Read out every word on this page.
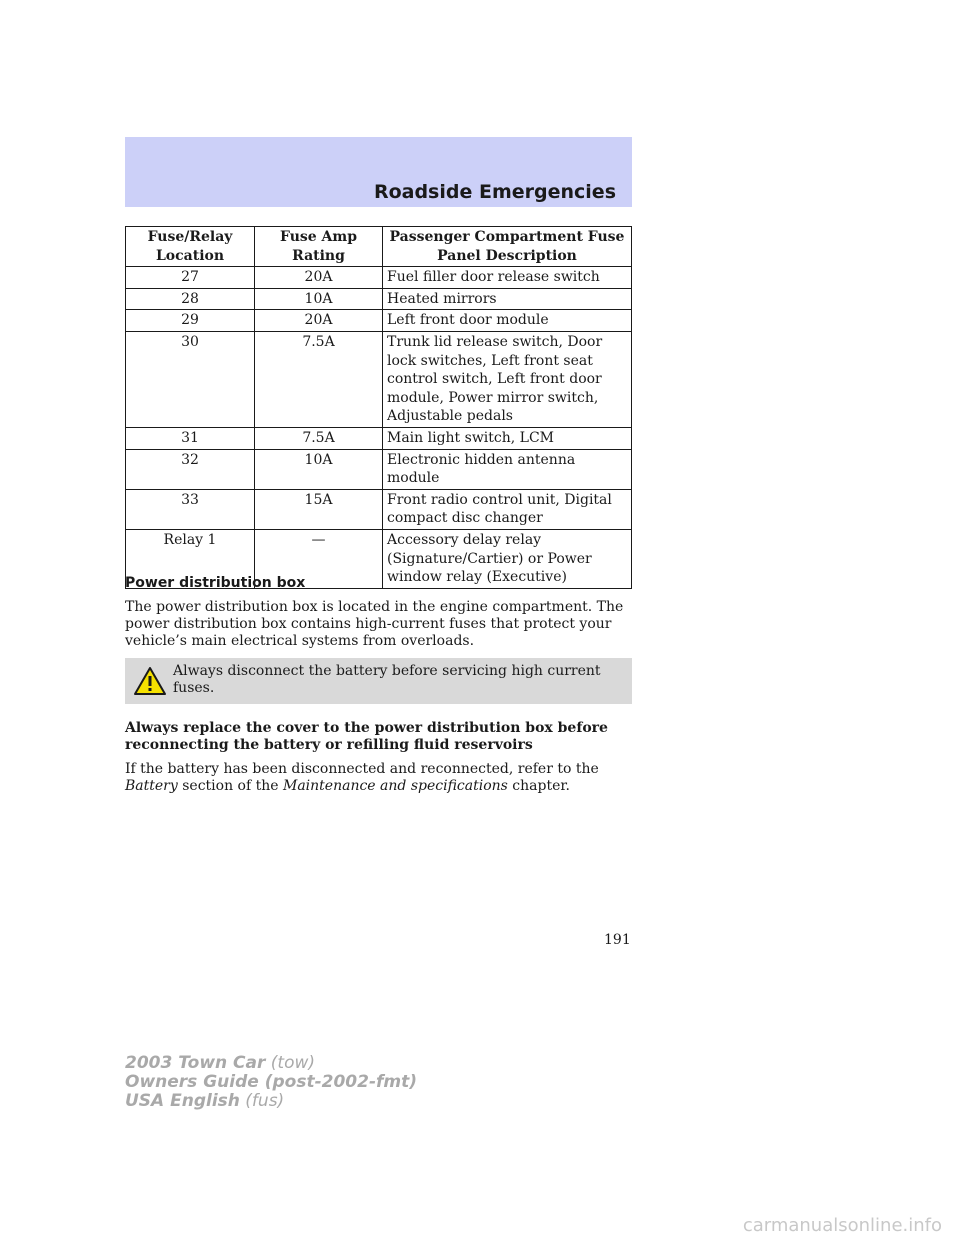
Roadside Emergencies
Fuse/Relay Location	Fuse Amp Rating	Passenger Compartment Fuse Panel Description
27	20A	Fuel filler door release switch
28	10A	Heated mirrors
29	20A	Left front door module
30	7.5A	Trunk lid release switch, Door lock switches, Left front seat control switch, Left front door module, Power mirror switch, Adjustable pedals
31	7.5A	Main light switch, LCM
32	10A	Electronic hidden antenna module
33	15A	Front radio control unit, Digital compact disc changer
Relay 1	—	Accessory delay relay (Signature/Cartier) or Power window relay (Executive)
Power distribution box
The power distribution box is located in the engine compartment. The power distribution box contains high-current fuses that protect your vehicle’s main electrical systems from overloads.
Always disconnect the battery before servicing high current fuses.
Always replace the cover to the power distribution box before reconnecting the battery or refilling fluid reservoirs
If the battery has been disconnected and reconnected, refer to the Battery section of the Maintenance and specifications chapter.
191
2003 Town Car (tow)
Owners Guide (post-2002-fmt)
USA English (fus)
carmanualsonline.info
